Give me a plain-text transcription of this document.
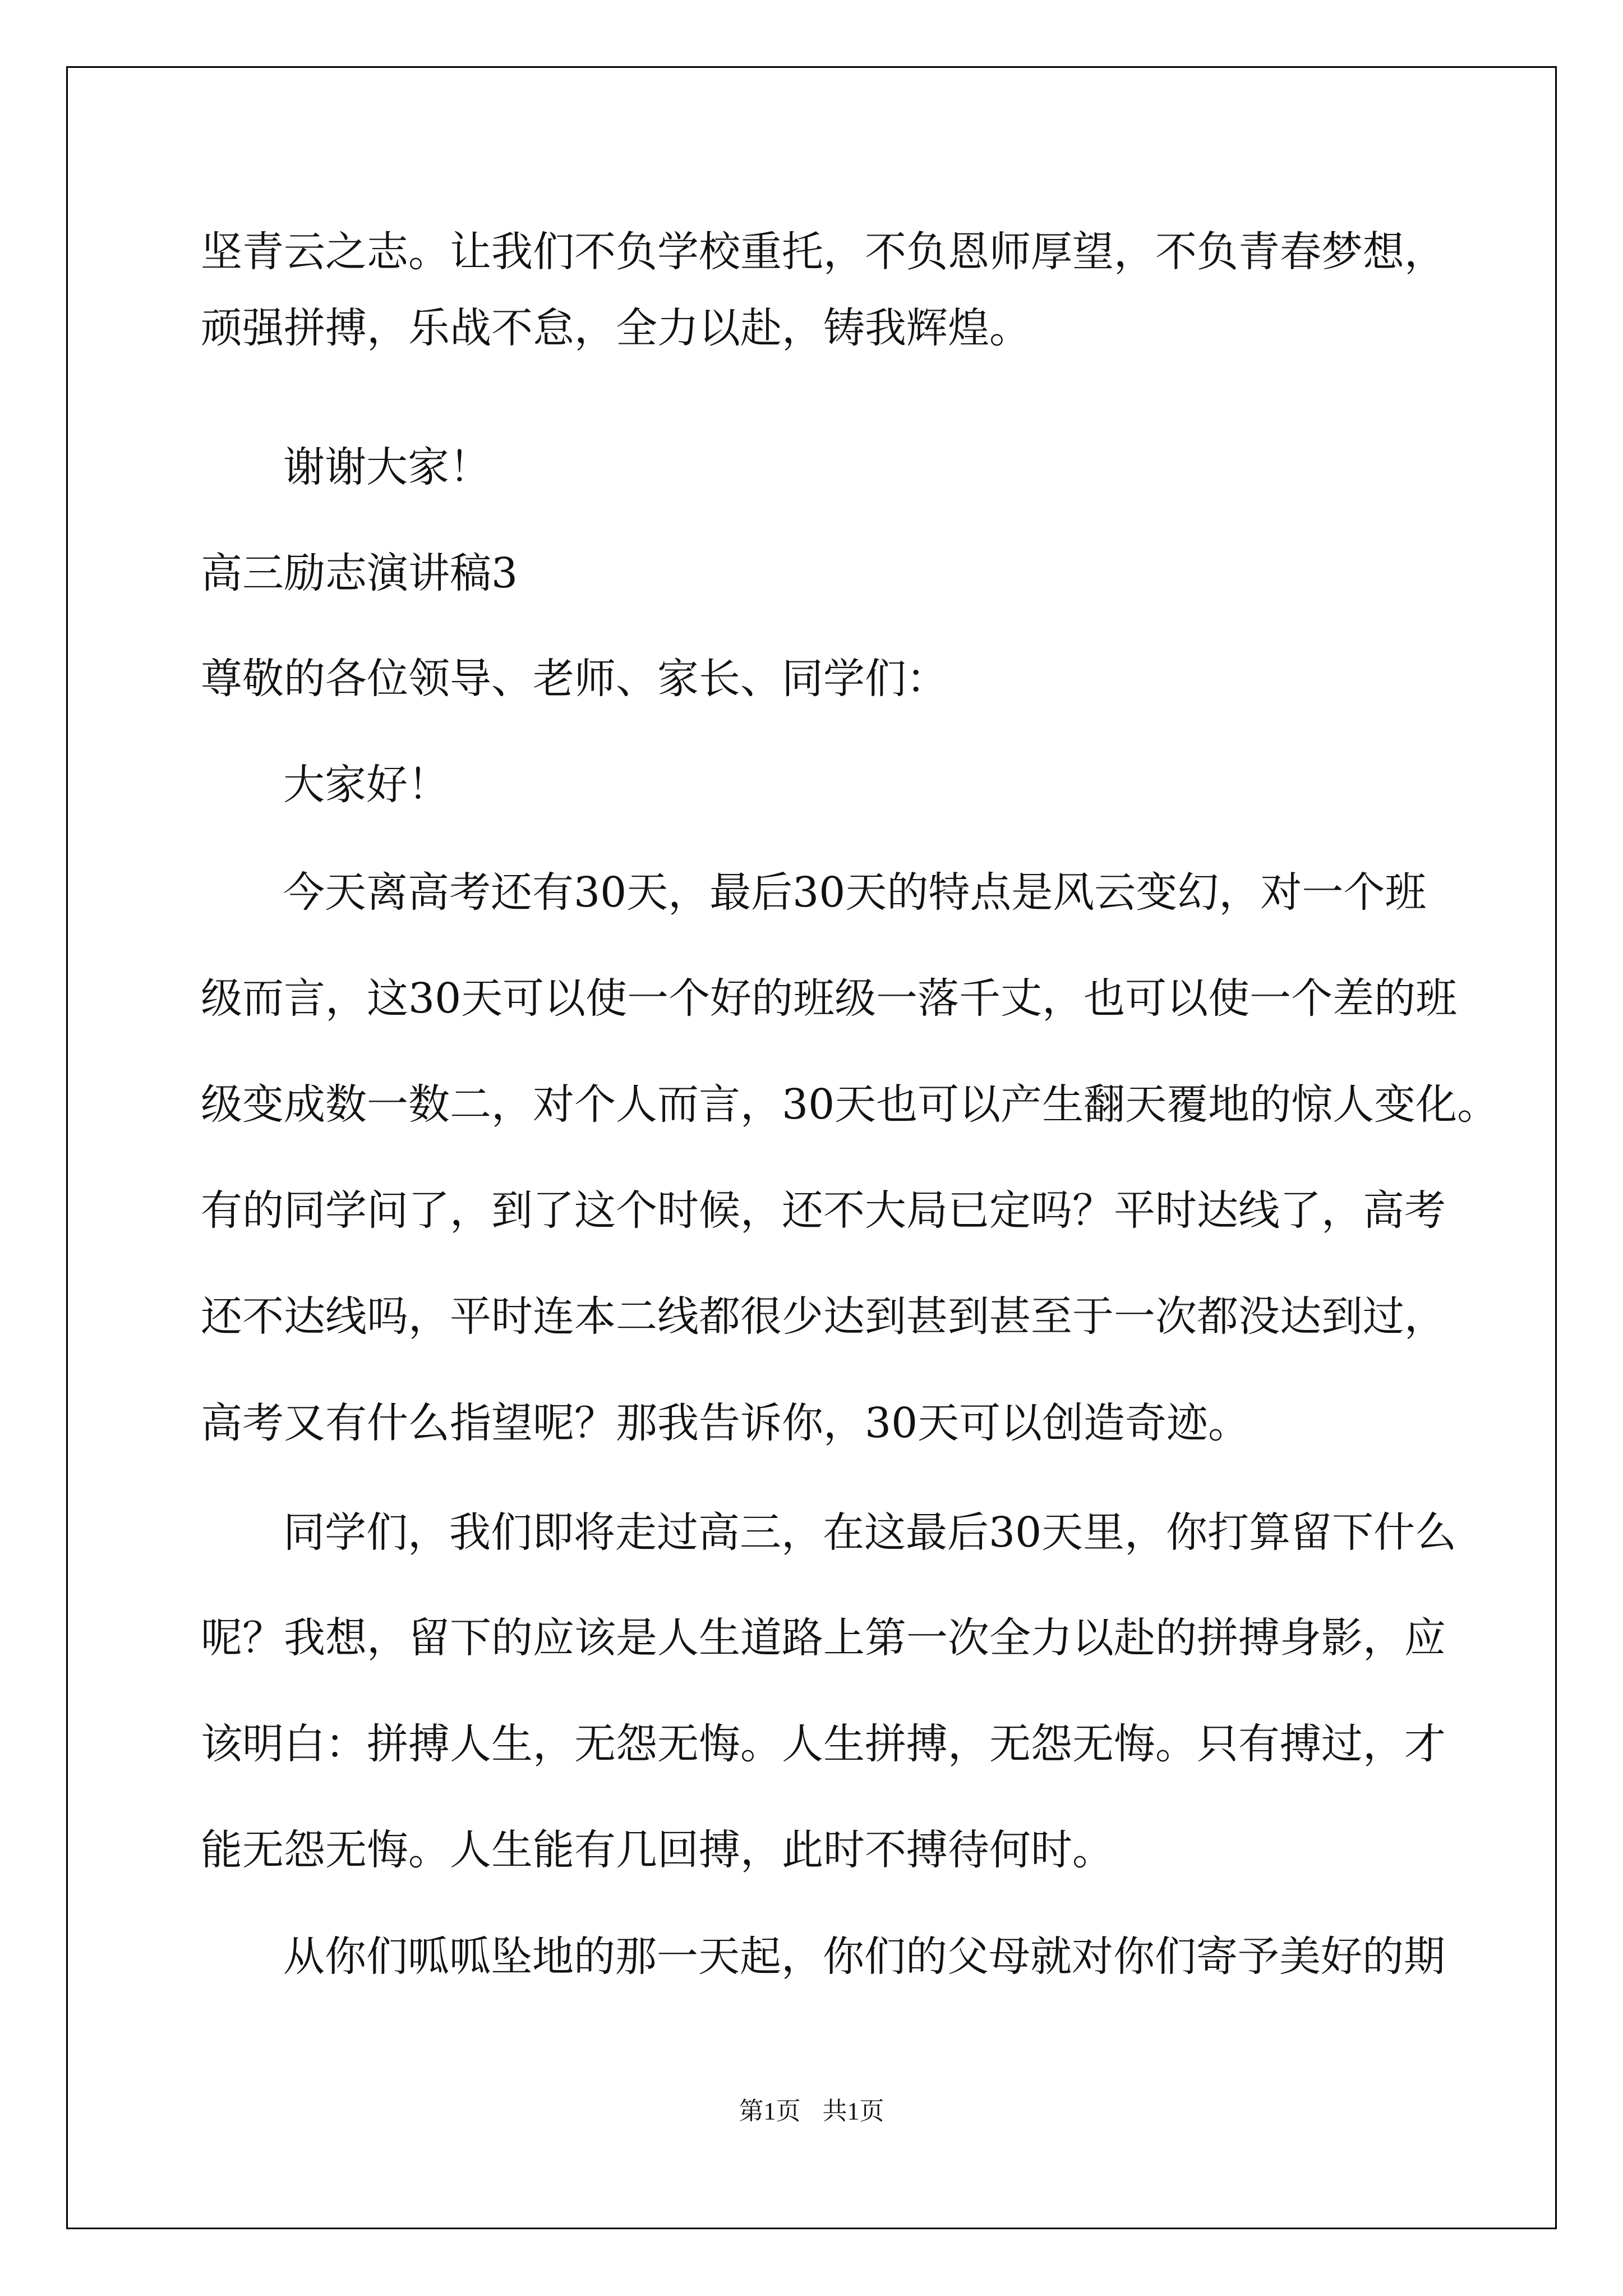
坚青云之志。让我们不负学校重托，不负恩师厚望，不负青春梦想，

顽强拼搏，乐战不怠，全力以赴，铸我辉煌。

谢谢大家！

高三励志演讲稿3

尊敬的各位领导、老师、家长、同学们：

大家好！

今天离高考还有30天，最后30天的特点是风云变幻，对一个班

级而言，这30天可以使一个好的班级一落千丈，也可以使一个差的班

级变成数一数二，对个人而言，30天也可以产生翻天覆地的惊人变化。

有的同学问了，到了这个时候，还不大局已定吗？平时达线了，高考

还不达线吗，平时连本二线都很少达到甚到甚至于一次都没达到过，

高考又有什么指望呢？那我告诉你，30天可以创造奇迹。

同学们，我们即将走过高三，在这最后30天里，你打算留下什么

呢？我想，留下的应该是人生道路上第一次全力以赴的拼搏身影，应

该明白：拼搏人生，无怨无悔。人生拼搏，无怨无悔。只有搏过，才

能无怨无悔。人生能有几回搏，此时不搏待何时。

从你们呱呱坠地的那一天起，你们的父母就对你们寄予美好的期

第1页 共1页
